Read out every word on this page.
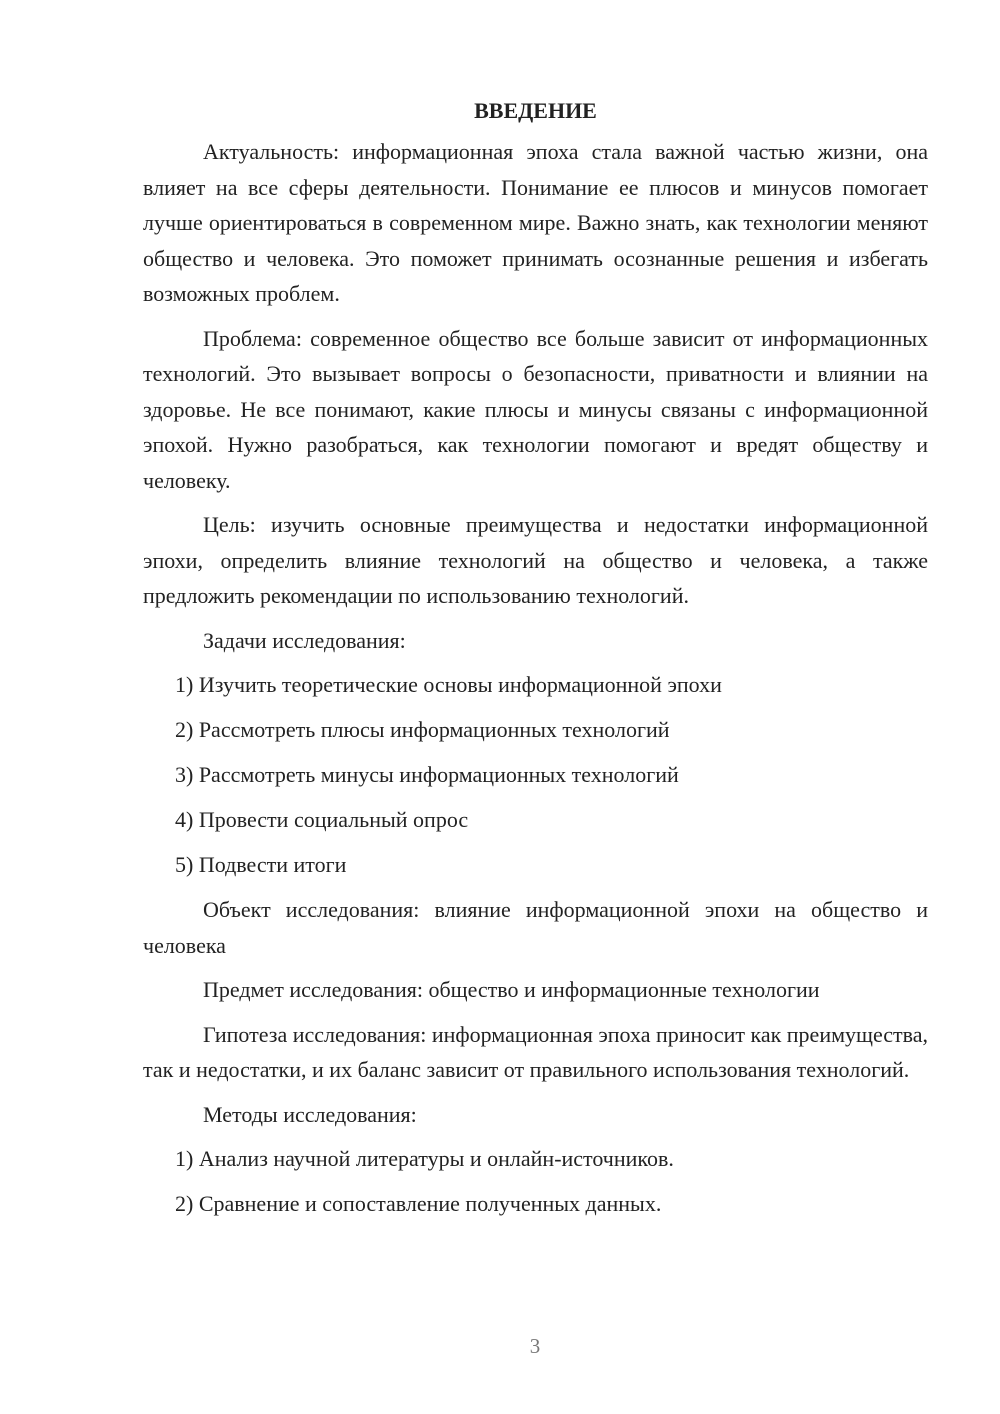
ВВЕДЕНИЕ

Актуальность: информационная эпоха стала важной частью жизни, она влияет на все сферы деятельности. Понимание ее плюсов и минусов помогает лучше ориентироваться в современном мире. Важно знать, как технологии меняют общество и человека. Это поможет принимать осознанные решения и избегать возможных проблем.

Проблема: современное общество все больше зависит от информационных технологий. Это вызывает вопросы о безопасности, приватности и влиянии на здоровье. Не все понимают, какие плюсы и минусы связаны с информационной эпохой. Нужно разобраться, как технологии помогают и вредят обществу и человеку.

Цель: изучить основные преимущества и недостатки информационной эпохи, определить влияние технологий на общество и человека, а также предложить рекомендации по использованию технологий.

Задачи исследования:

1) Изучить теоретические основы информационной эпохи

2) Рассмотреть плюсы информационных технологий

3) Рассмотреть минусы информационных технологий

4) Провести социальный опрос

5) Подвести итоги

Объект исследования: влияние информационной эпохи на общество и человека

Предмет исследования: общество и информационные технологии

Гипотеза исследования: информационная эпоха приносит как преимущества, так и недостатки, и их баланс зависит от правильного использования технологий.

Методы исследования:

1) Анализ научной литературы и онлайн-источников.

2) Сравнение и сопоставление полученных данных.

3
